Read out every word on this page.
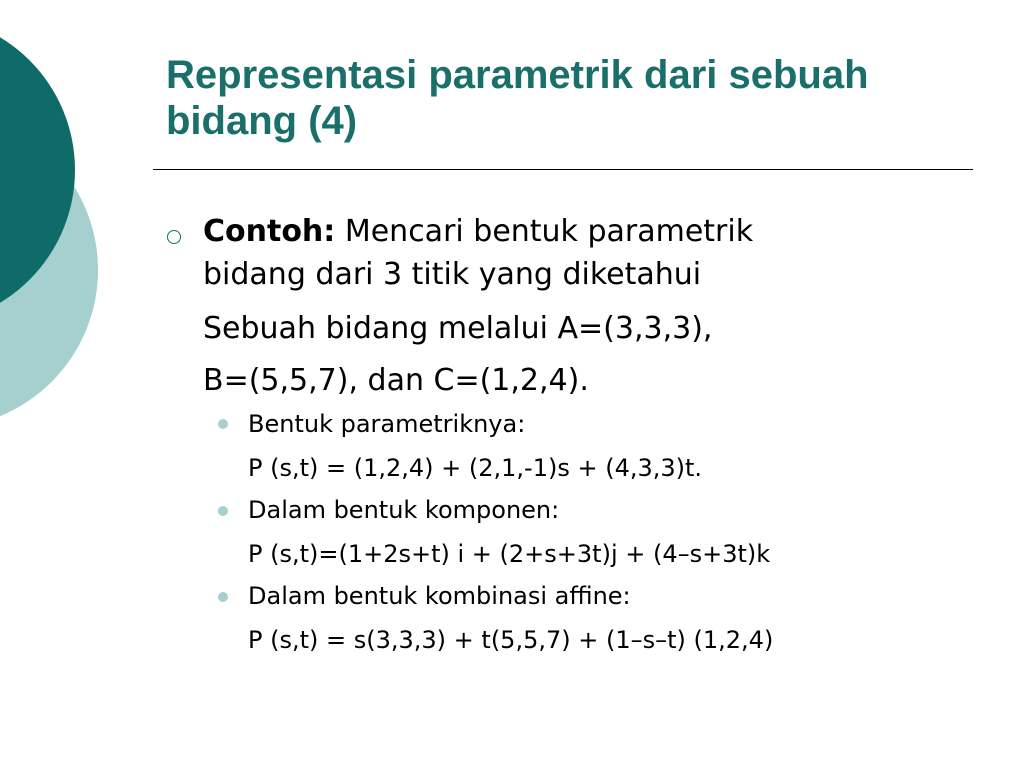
Representasi parametrik dari sebuah bidang (4)
Contoh: Mencari bentuk parametrik
bidang dari 3 titik yang diketahui
Sebuah bidang melalui A=(3,3,3),
B=(5,5,7), dan C=(1,2,4).
Bentuk parametriknya:
P (s,t) = (1,2,4) + (2,1,-1)s + (4,3,3)t.
Dalam bentuk komponen:
P (s,t)=(1+2s+t) i + (2+s+3t)j + (4–s+3t)k
Dalam bentuk kombinasi affine:
P (s,t) = s(3,3,3) + t(5,5,7) + (1–s–t) (1,2,4)
